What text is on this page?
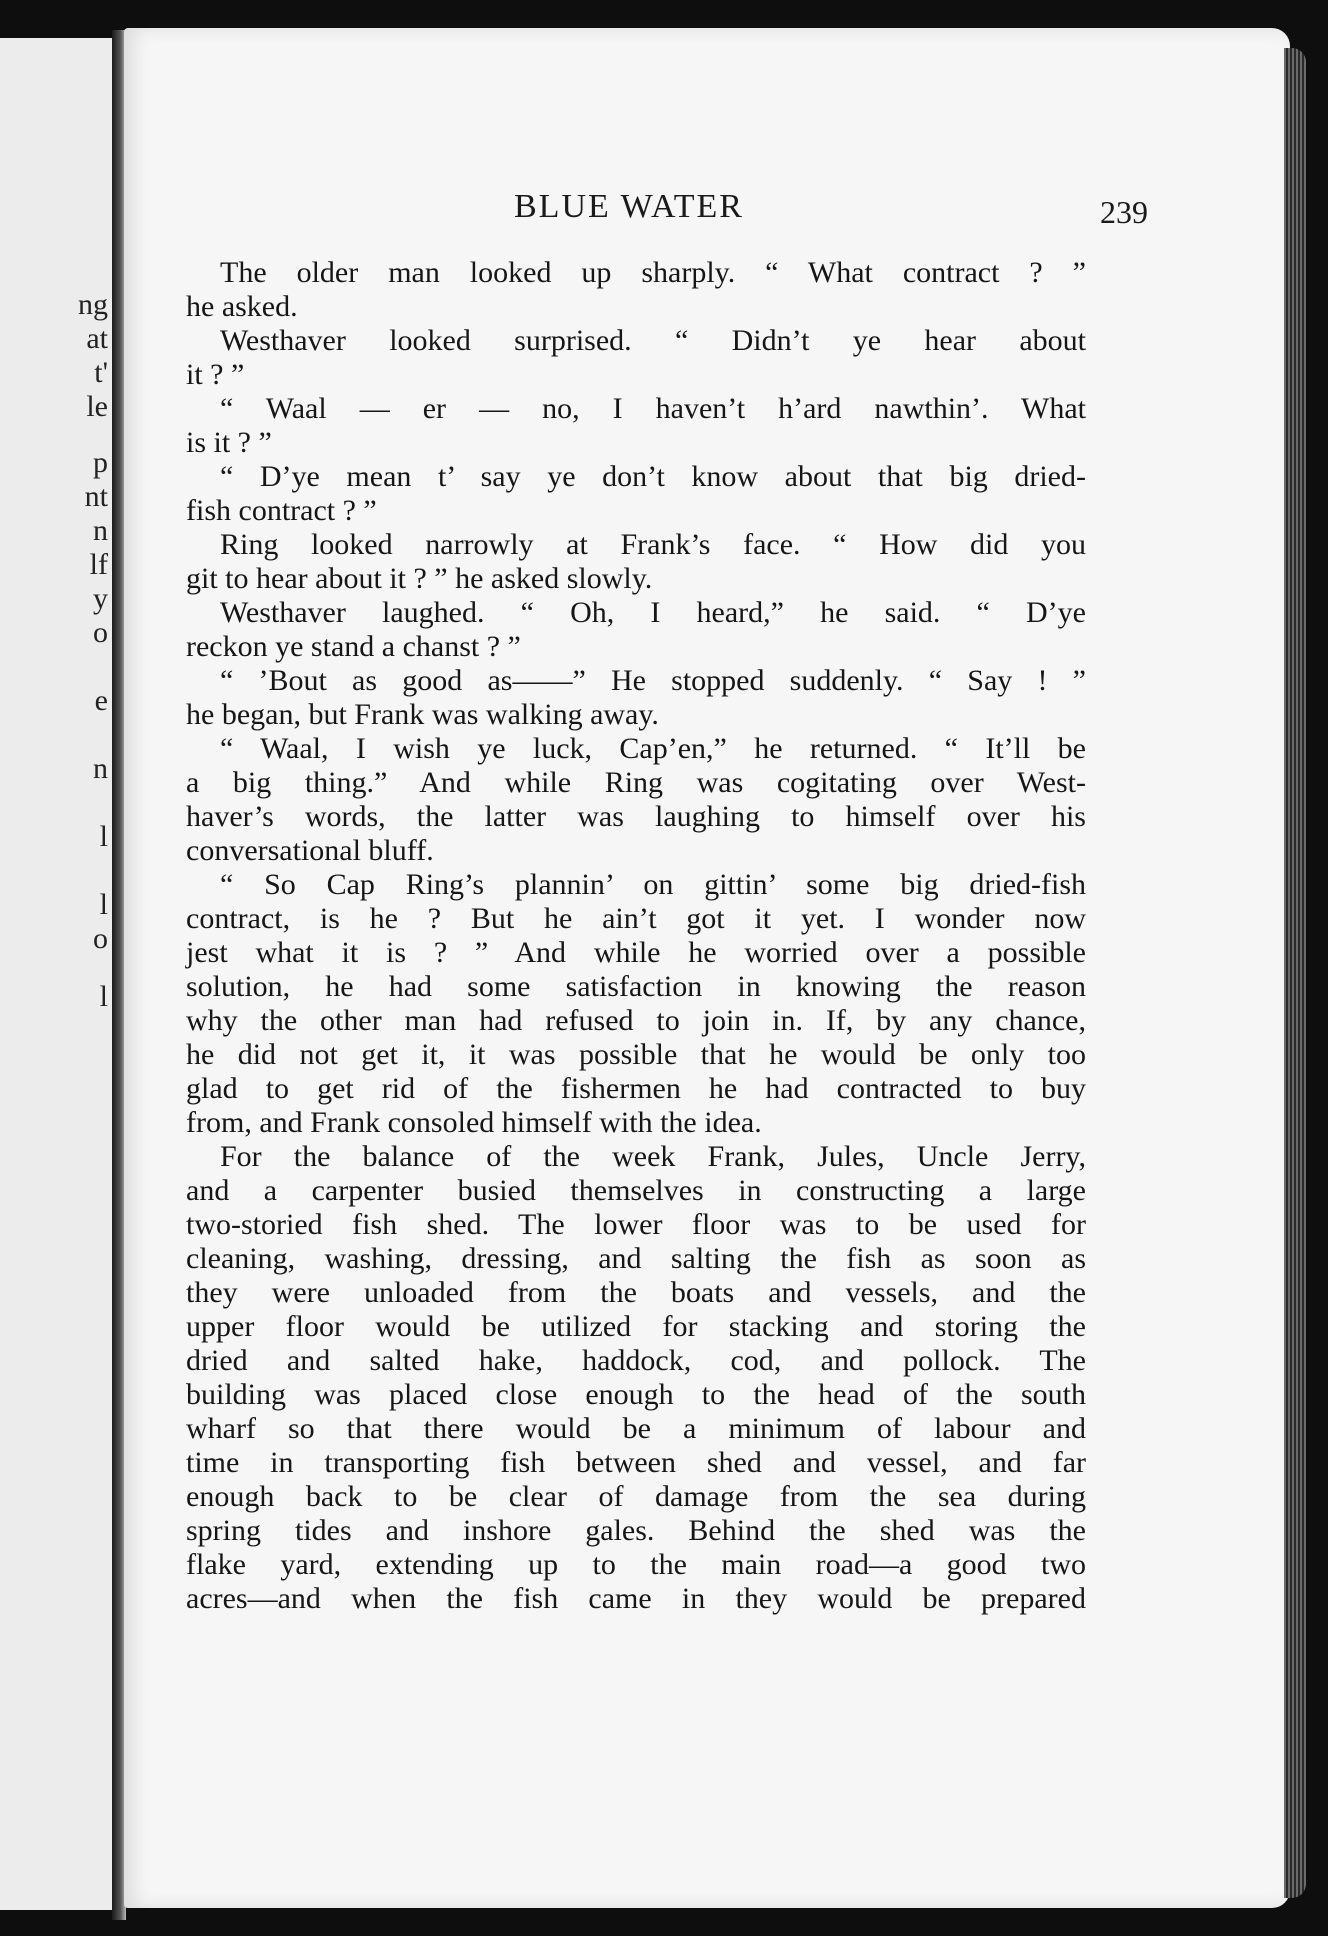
ng
at
t'
le
p
nt
n
lf
y
o
e
n
l
l
o
l
BLUE WATER	239
The older man looked up sharply. “ What contract ? ”
he asked.
Westhaver looked surprised. “ Didn’t ye hear about
it ? ”
“ Waal — er — no, I haven’t h’ard nawthin’. What
is it ? ”
“ D’ye mean t’ say ye don’t know about that big dried-
fish contract ? ”
Ring looked narrowly at Frank’s face. “ How did you
git to hear about it ? ” he asked slowly.
Westhaver laughed. “ Oh, I heard,” he said. “ D’ye
reckon ye stand a chanst ? ”
“ ’Bout as good as——” He stopped suddenly. “ Say ! ”
he began, but Frank was walking away.
“ Waal, I wish ye luck, Cap’en,” he returned. “ It’ll be
a big thing.” And while Ring was cogitating over West-
haver’s words, the latter was laughing to himself over his
conversational bluff.
“ So Cap Ring’s plannin’ on gittin’ some big dried-fish
contract, is he ? But he ain’t got it yet. I wonder now
jest what it is ? ” And while he worried over a possible
solution, he had some satisfaction in knowing the reason
why the other man had refused to join in. If, by any chance,
he did not get it, it was possible that he would be only too
glad to get rid of the fishermen he had contracted to buy
from, and Frank consoled himself with the idea.
For the balance of the week Frank, Jules, Uncle Jerry,
and a carpenter busied themselves in constructing a large
two-storied fish shed. The lower floor was to be used for
cleaning, washing, dressing, and salting the fish as soon as
they were unloaded from the boats and vessels, and the
upper floor would be utilized for stacking and storing the
dried and salted hake, haddock, cod, and pollock. The
building was placed close enough to the head of the south
wharf so that there would be a minimum of labour and
time in transporting fish between shed and vessel, and far
enough back to be clear of damage from the sea during
spring tides and inshore gales. Behind the shed was the
flake yard, extending up to the main road—a good two
acres—and when the fish came in they would be prepared
